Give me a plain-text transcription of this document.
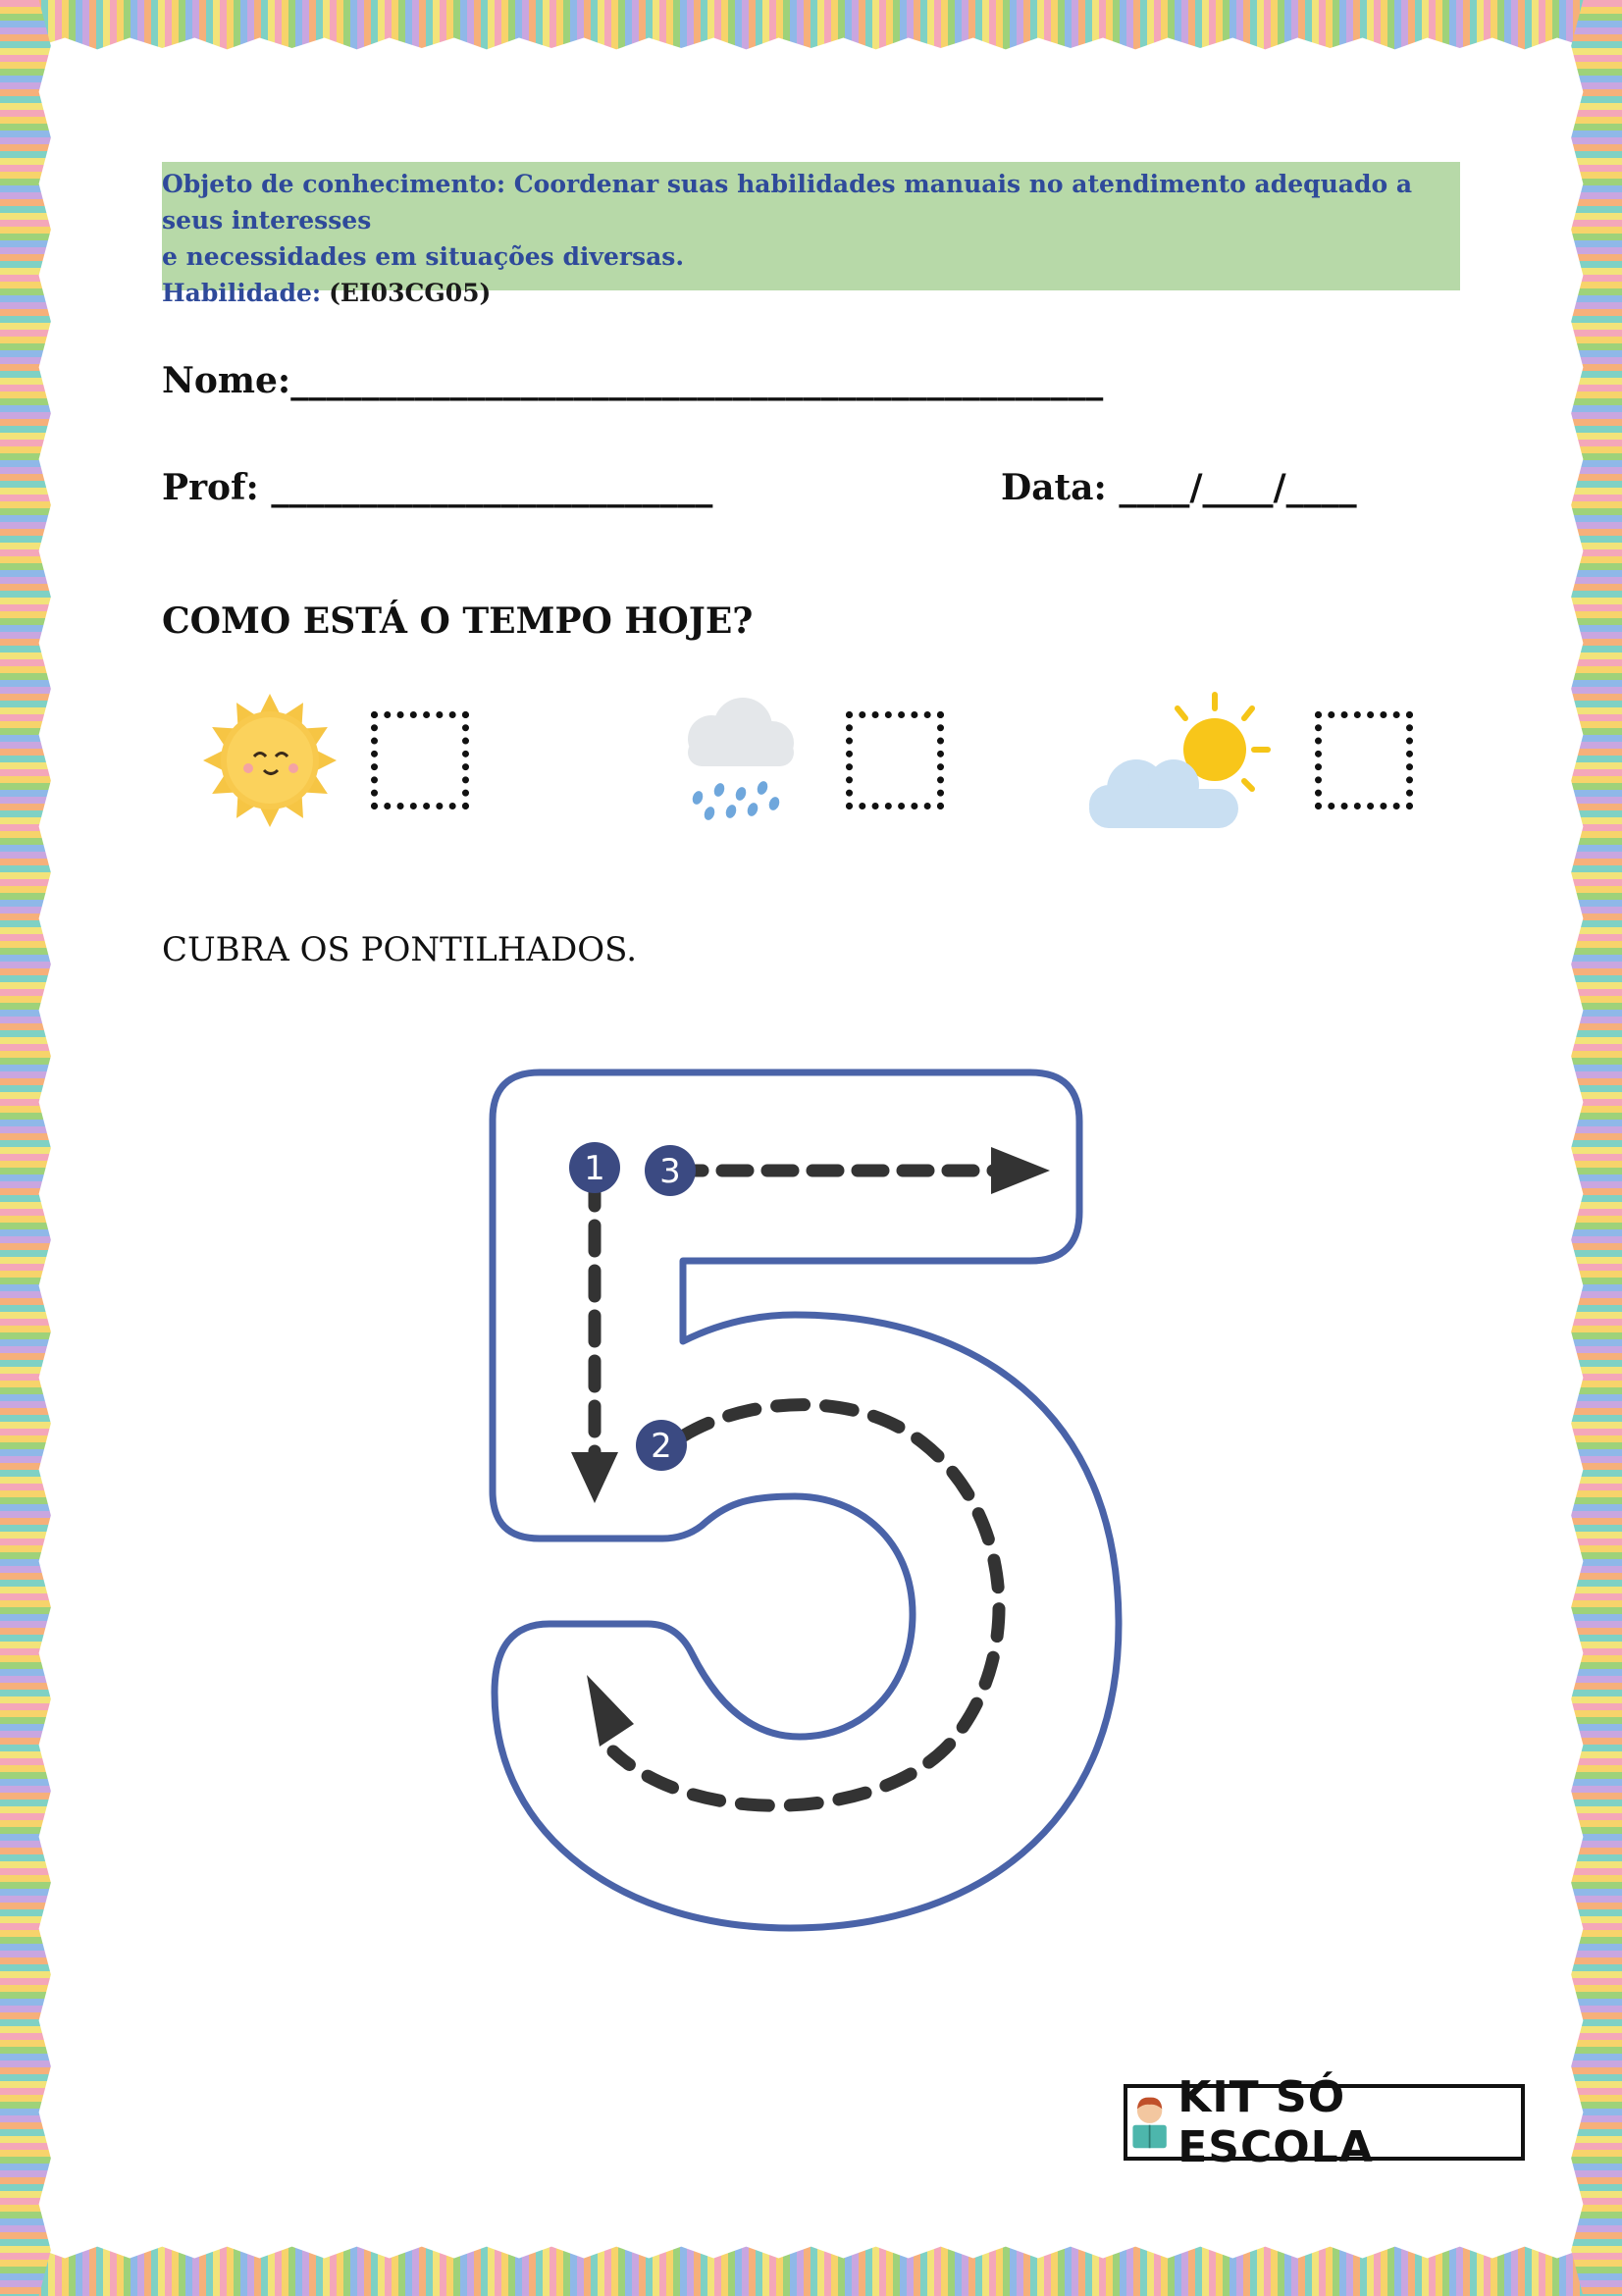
Objeto de conhecimento: Coordenar suas habilidades manuais no atendimento adequado a seus interesses
e necessidades em situações diversas.
Habilidade: (EI03CG05)
Nome:______________________________________________
Prof: _________________________	Data: ____/____/____
COMO ESTÁ O TEMPO HOJE?
CUBRA OS PONTILHADOS.
1 3
2
KIT SÓ ESCOLA
